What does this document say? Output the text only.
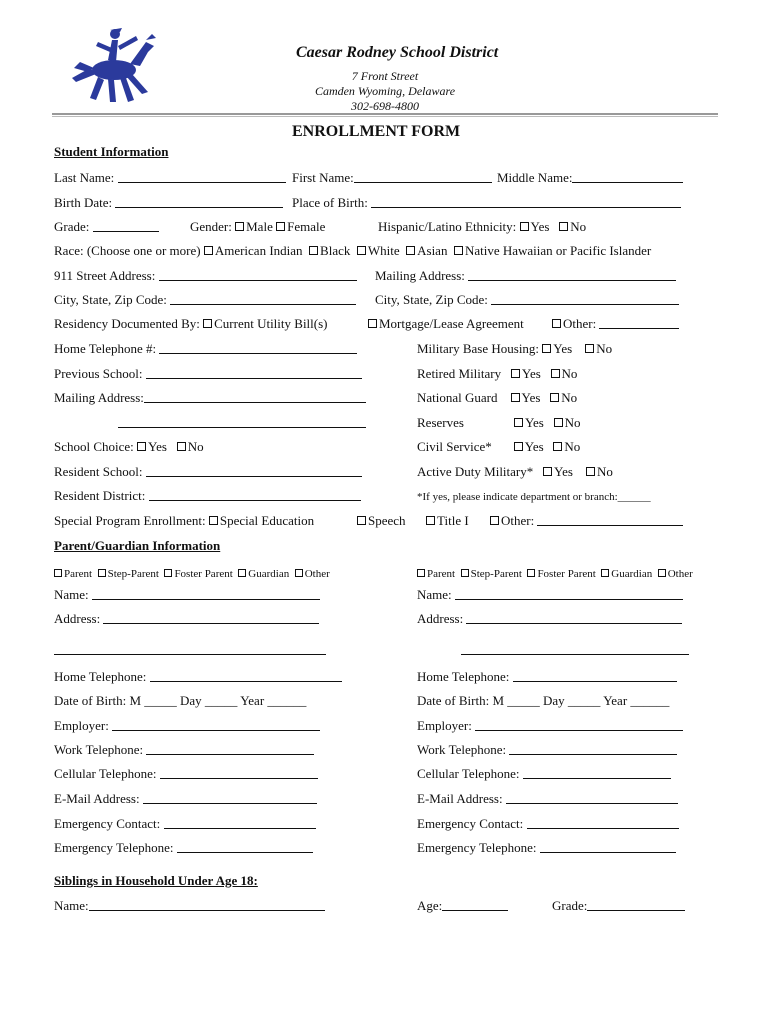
Caesar Rodney School District
7 Front Street
Camden Wyoming, Delaware
302-698-4800
ENROLLMENT FORM
Student Information
Last Name:	First Name:	Middle Name:
Birth Date:	Place of Birth:
Grade:	Gender: Male Female	Hispanic/Latino Ethnicity: Yes No
Race: (Choose one or more) American Indian Black White Asian Native Hawaiian or Pacific Islander
911 Street Address:	Mailing Address:
City, State, Zip Code:	City, State, Zip Code:
Residency Documented By: Current Utility Bill(s)	Mortgage/Lease Agreement	Other:
Home Telephone #:	Military Base Housing: Yes No
Previous School:	Retired Military Yes No
Mailing Address:	National Guard Yes No
Reserves	Yes No
School Choice: Yes No	Civil Service*	Yes No
Resident School:	Active Duty Military* Yes No
Resident District:	*If yes, please indicate department or branch:______
Special Program Enrollment: Special Education	Speech	Title I	Other:
Parent/Guardian Information
Parent Step-Parent Foster Parent Guardian Other	Parent Step-Parent Foster Parent Guardian Other
Name:
Address:
Home Telephone:
Date of Birth: M _____ Day _____ Year ______
Employer:
Work Telephone:
Cellular Telephone:
E-Mail Address:
Emergency Contact:
Emergency Telephone:
Name:
Address:
Home Telephone:
Date of Birth: M _____ Day _____ Year ______
Employer:
Work Telephone:
Cellular Telephone:
E-Mail Address:
Emergency Contact:
Emergency Telephone:
Siblings in Household Under Age 18:
Name:	Age:	Grade:
